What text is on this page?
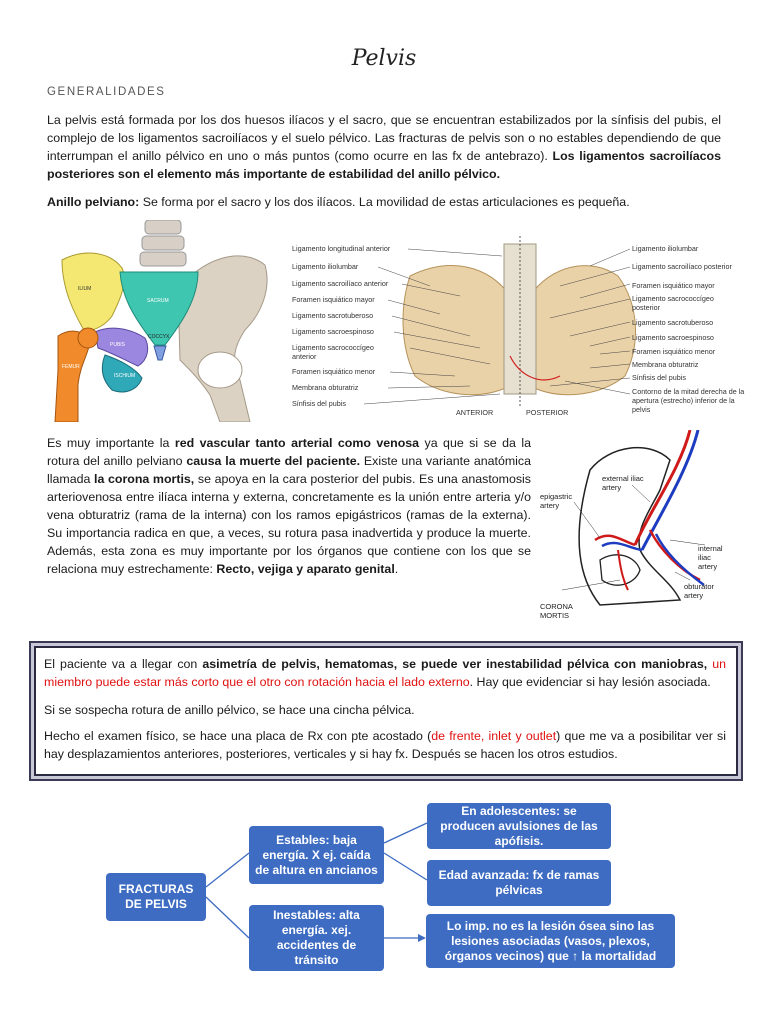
Pelvis
GENERALIDADES

La pelvis está formada por los dos huesos ilíacos y el sacro, que se encuentran estabilizados por la sínfisis del pubis, el complejo de los ligamentos sacroilíacos y el suelo pélvico. Las fracturas de pelvis son o no estables dependiendo de que interrumpan el anillo pélvico en uno o más puntos (como ocurre en las fx de antebrazo). Los ligamentos sacroilíacos posteriores son el elemento más importante de estabilidad del anillo pélvico.

Anillo pelviano: Se forma por el sacro y los dos ilíacos. La movilidad de estas articulaciones es pequeña.

ILIUM
SACRUM
COCCYX
PUBIS
ISCHIUM
FEMUR
Ligamento longitudinal anterior
Ligamento iliolumbar
Ligamento sacroilíaco anterior
Foramen isquiático mayor
Ligamento sacrotuberoso
Ligamento sacroespinoso
Ligamento sacrococcígeo anterior
Foramen isquiático menor
Membrana obturatriz
Sínfisis del pubis
Ligamento iliolumbar
Ligamento sacroilíaco posterior
Foramen isquiático mayor
Ligamento sacrococcígeo posterior
Ligamento sacrotuberoso
Ligamento sacroespinoso
Foramen isquiático menor
Membrana obturatriz
Sínfisis del pubis
Contorno de la mitad derecha de la apertura (estrecho) inferior de la pelvis
ANTERIOR	POSTERIOR

Es muy importante la red vascular tanto arterial como venosa ya que si se da la rotura del anillo pelviano causa la muerte del paciente. Existe una variante anatómica llamada la corona mortis, se apoya en la cara posterior del pubis. Es una anastomosis arteriovenosa entre ilíaca interna y externa, concretamente es la unión entre arteria y/o vena obturatriz (rama de la interna) con los ramos epigástricos (ramas de la externa). Su importancia radica en que, a veces, su rotura pasa inadvertida y produce la muerte. Además, esta zona es muy importante por los órganos que contiene con los que se relaciona muy estrechamente: Recto, vejiga y aparato genital.

external iliac artery
epigastric artery
internal iliac artery
obturator artery
CORONA MORTIS

El paciente va a llegar con asimetría de pelvis, hematomas, se puede ver inestabilidad pélvica con maniobras, un miembro puede estar más corto que el otro con rotación hacia el lado externo. Hay que evidenciar si hay lesión asociada.

Si se sospecha rotura de anillo pélvico, se hace una cincha pélvica.

Hecho el examen físico, se hace una placa de Rx con pte acostado (de frente, inlet y outlet) que me va a posibilitar ver si hay desplazamientos anteriores, posteriores, verticales y si hay fx. Después se hacen los otros estudios.

FRACTURAS DE PELVIS
Estables: baja energía. X ej. caída de altura en ancianos
Inestables: alta energía. xej. accidentes de tránsito
En adolescentes: se producen avulsiones de las apófisis.
Edad avanzada: fx de ramas pélvicas
Lo imp. no es la lesión ósea sino las lesiones asociadas (vasos, plexos, órganos vecinos) que ↑ la mortalidad
